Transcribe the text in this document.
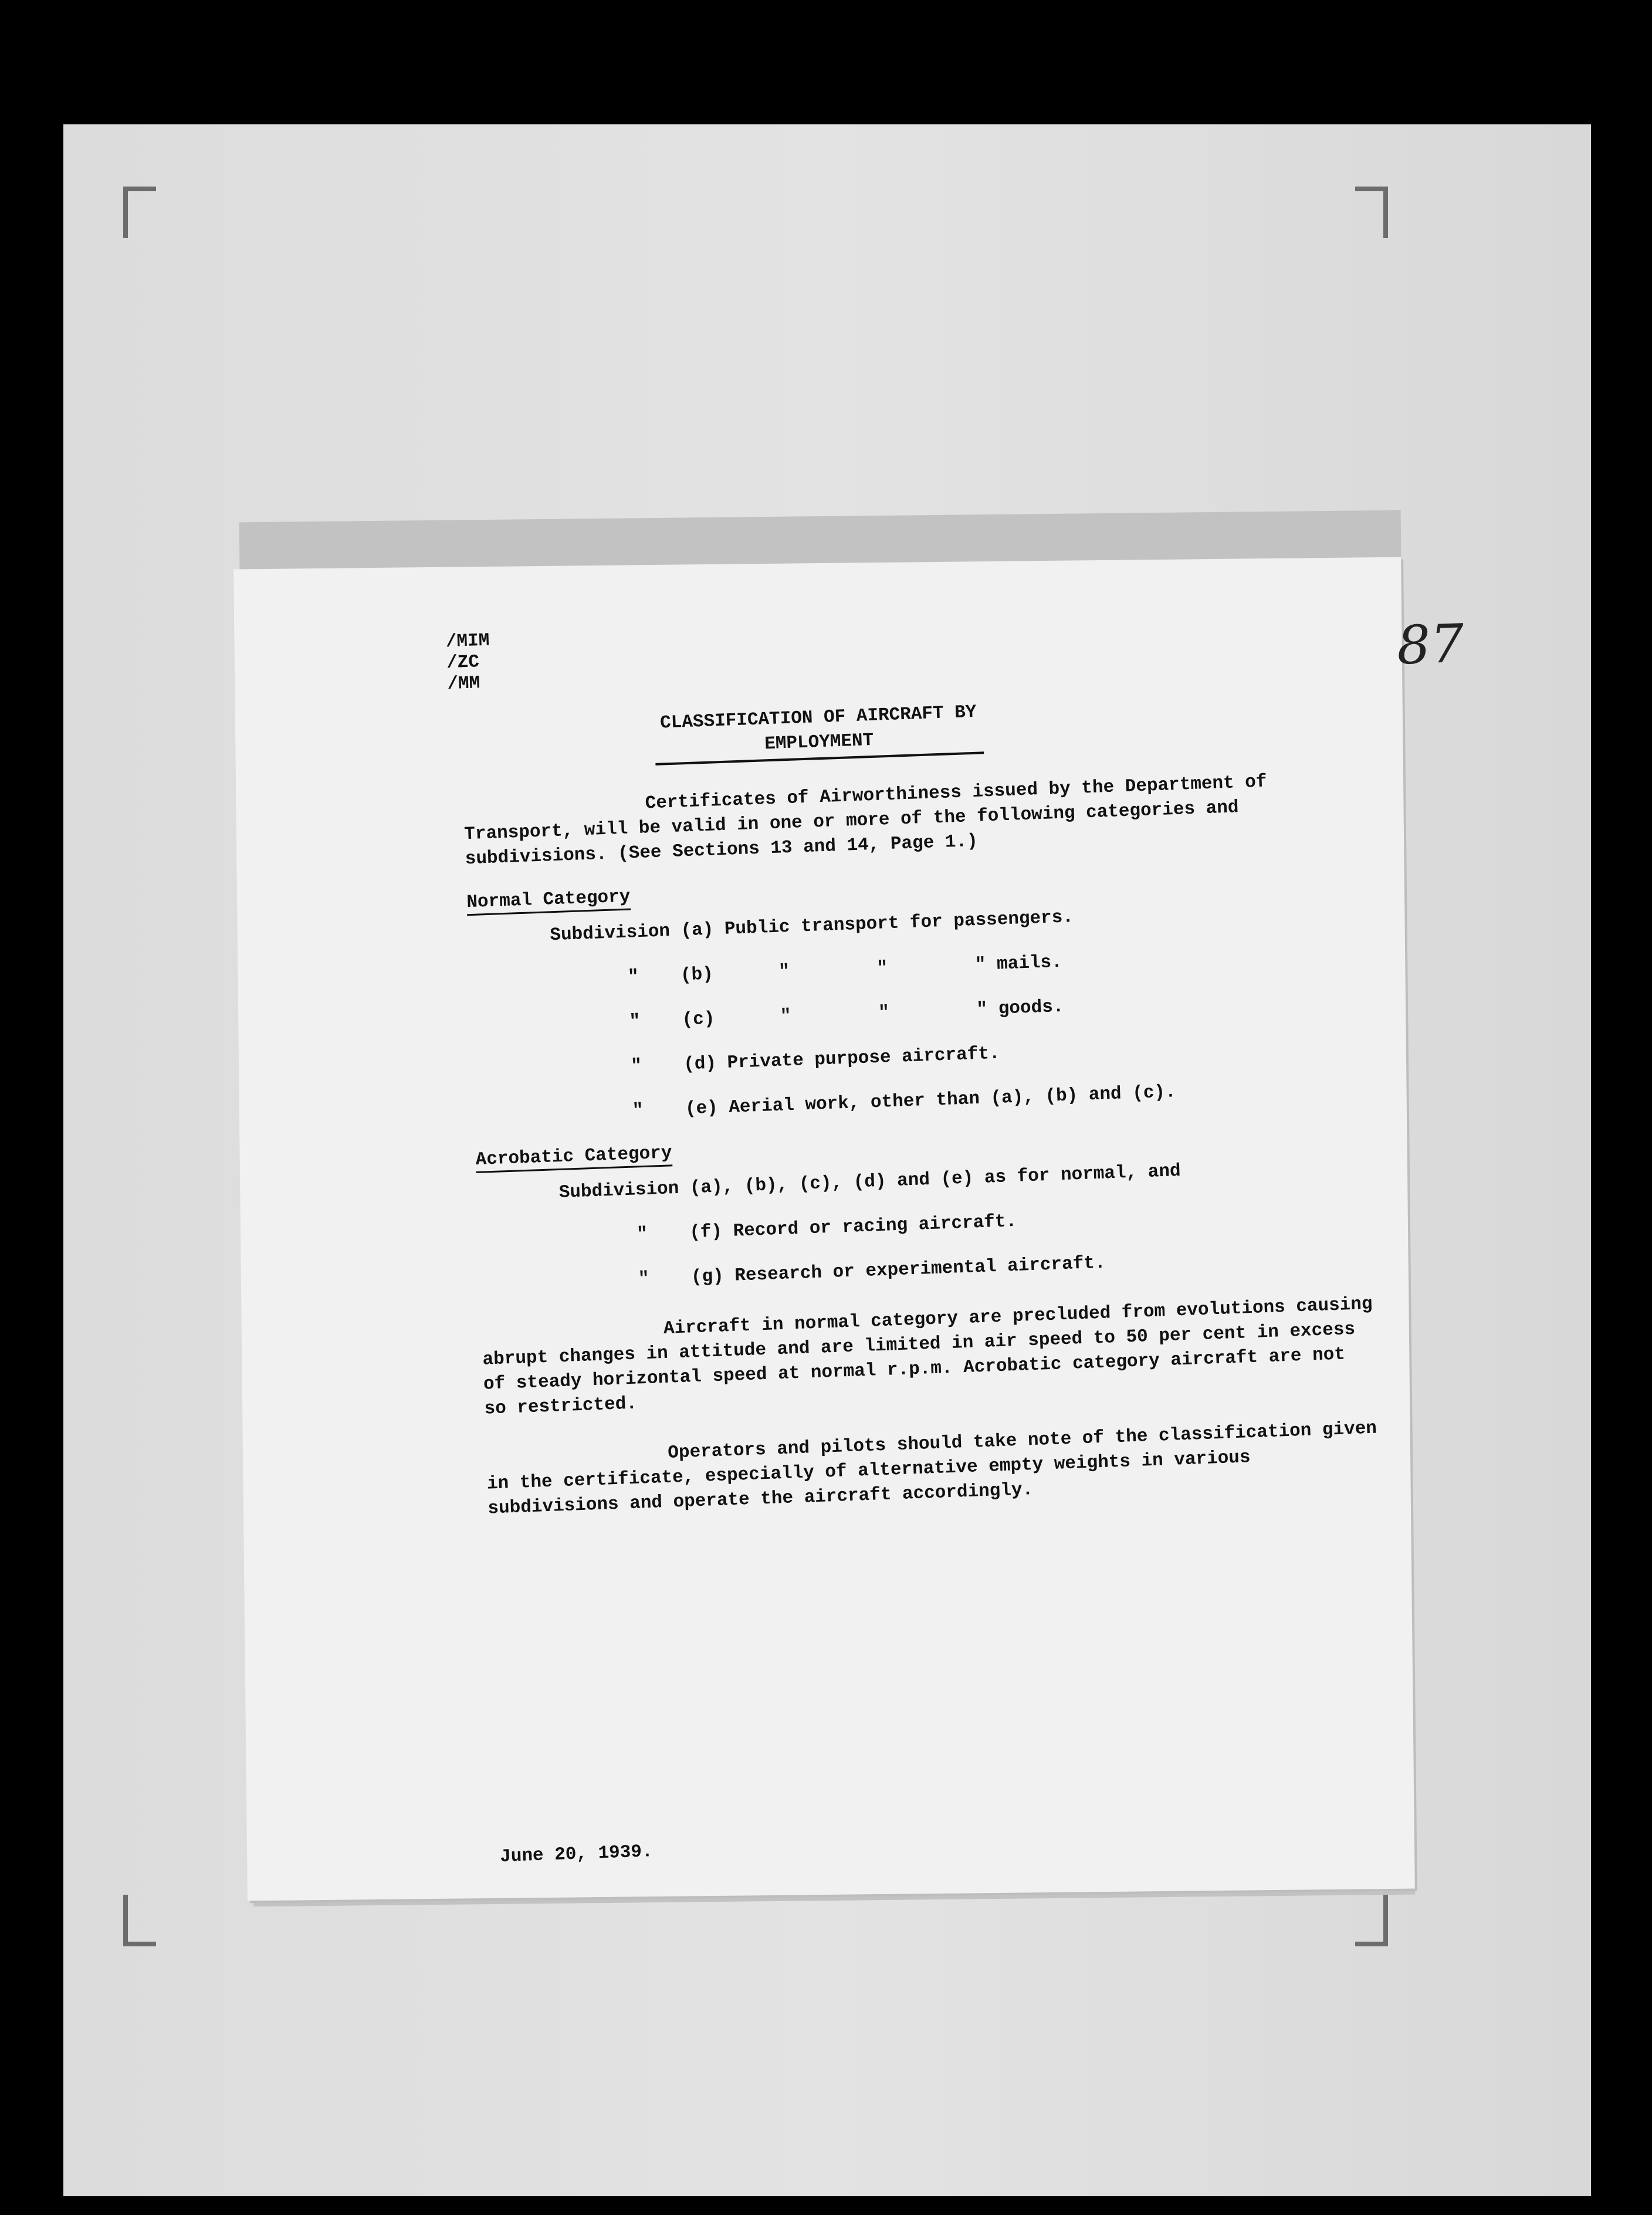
87
/MIM
/ZC
/MM
CLASSIFICATION OF AIRCRAFT BY
EMPLOYMENT

Certificates of Airworthiness issued by the Department of Transport, will be valid in one or more of the following categories and subdivisions. (See Sections 13 and 14, Page 1.)

Normal Category

Subdivision (a) Public transport for passengers.

"	(b)      "        "        " mails.
"	(c)      "        "        " goods.
"	(d) Private purpose aircraft.
"	(e) Aerial work, other than (a), (b) and (c).
Acrobatic Category

Subdivision (a), (b), (c), (d) and (e) as for normal, and

"	(f) Record or racing aircraft.
"	(g) Research or experimental aircraft.

Aircraft in normal category are precluded from evolutions causing abrupt changes in attitude and are limited in air speed to 50 per cent in excess of steady horizontal speed at normal r.p.m. Acrobatic category aircraft are not so restricted.

Operators and pilots should take note of the classification given in the certificate, especially of alternative empty weights in various subdivisions and operate the aircraft accordingly.

June 20, 1939.
